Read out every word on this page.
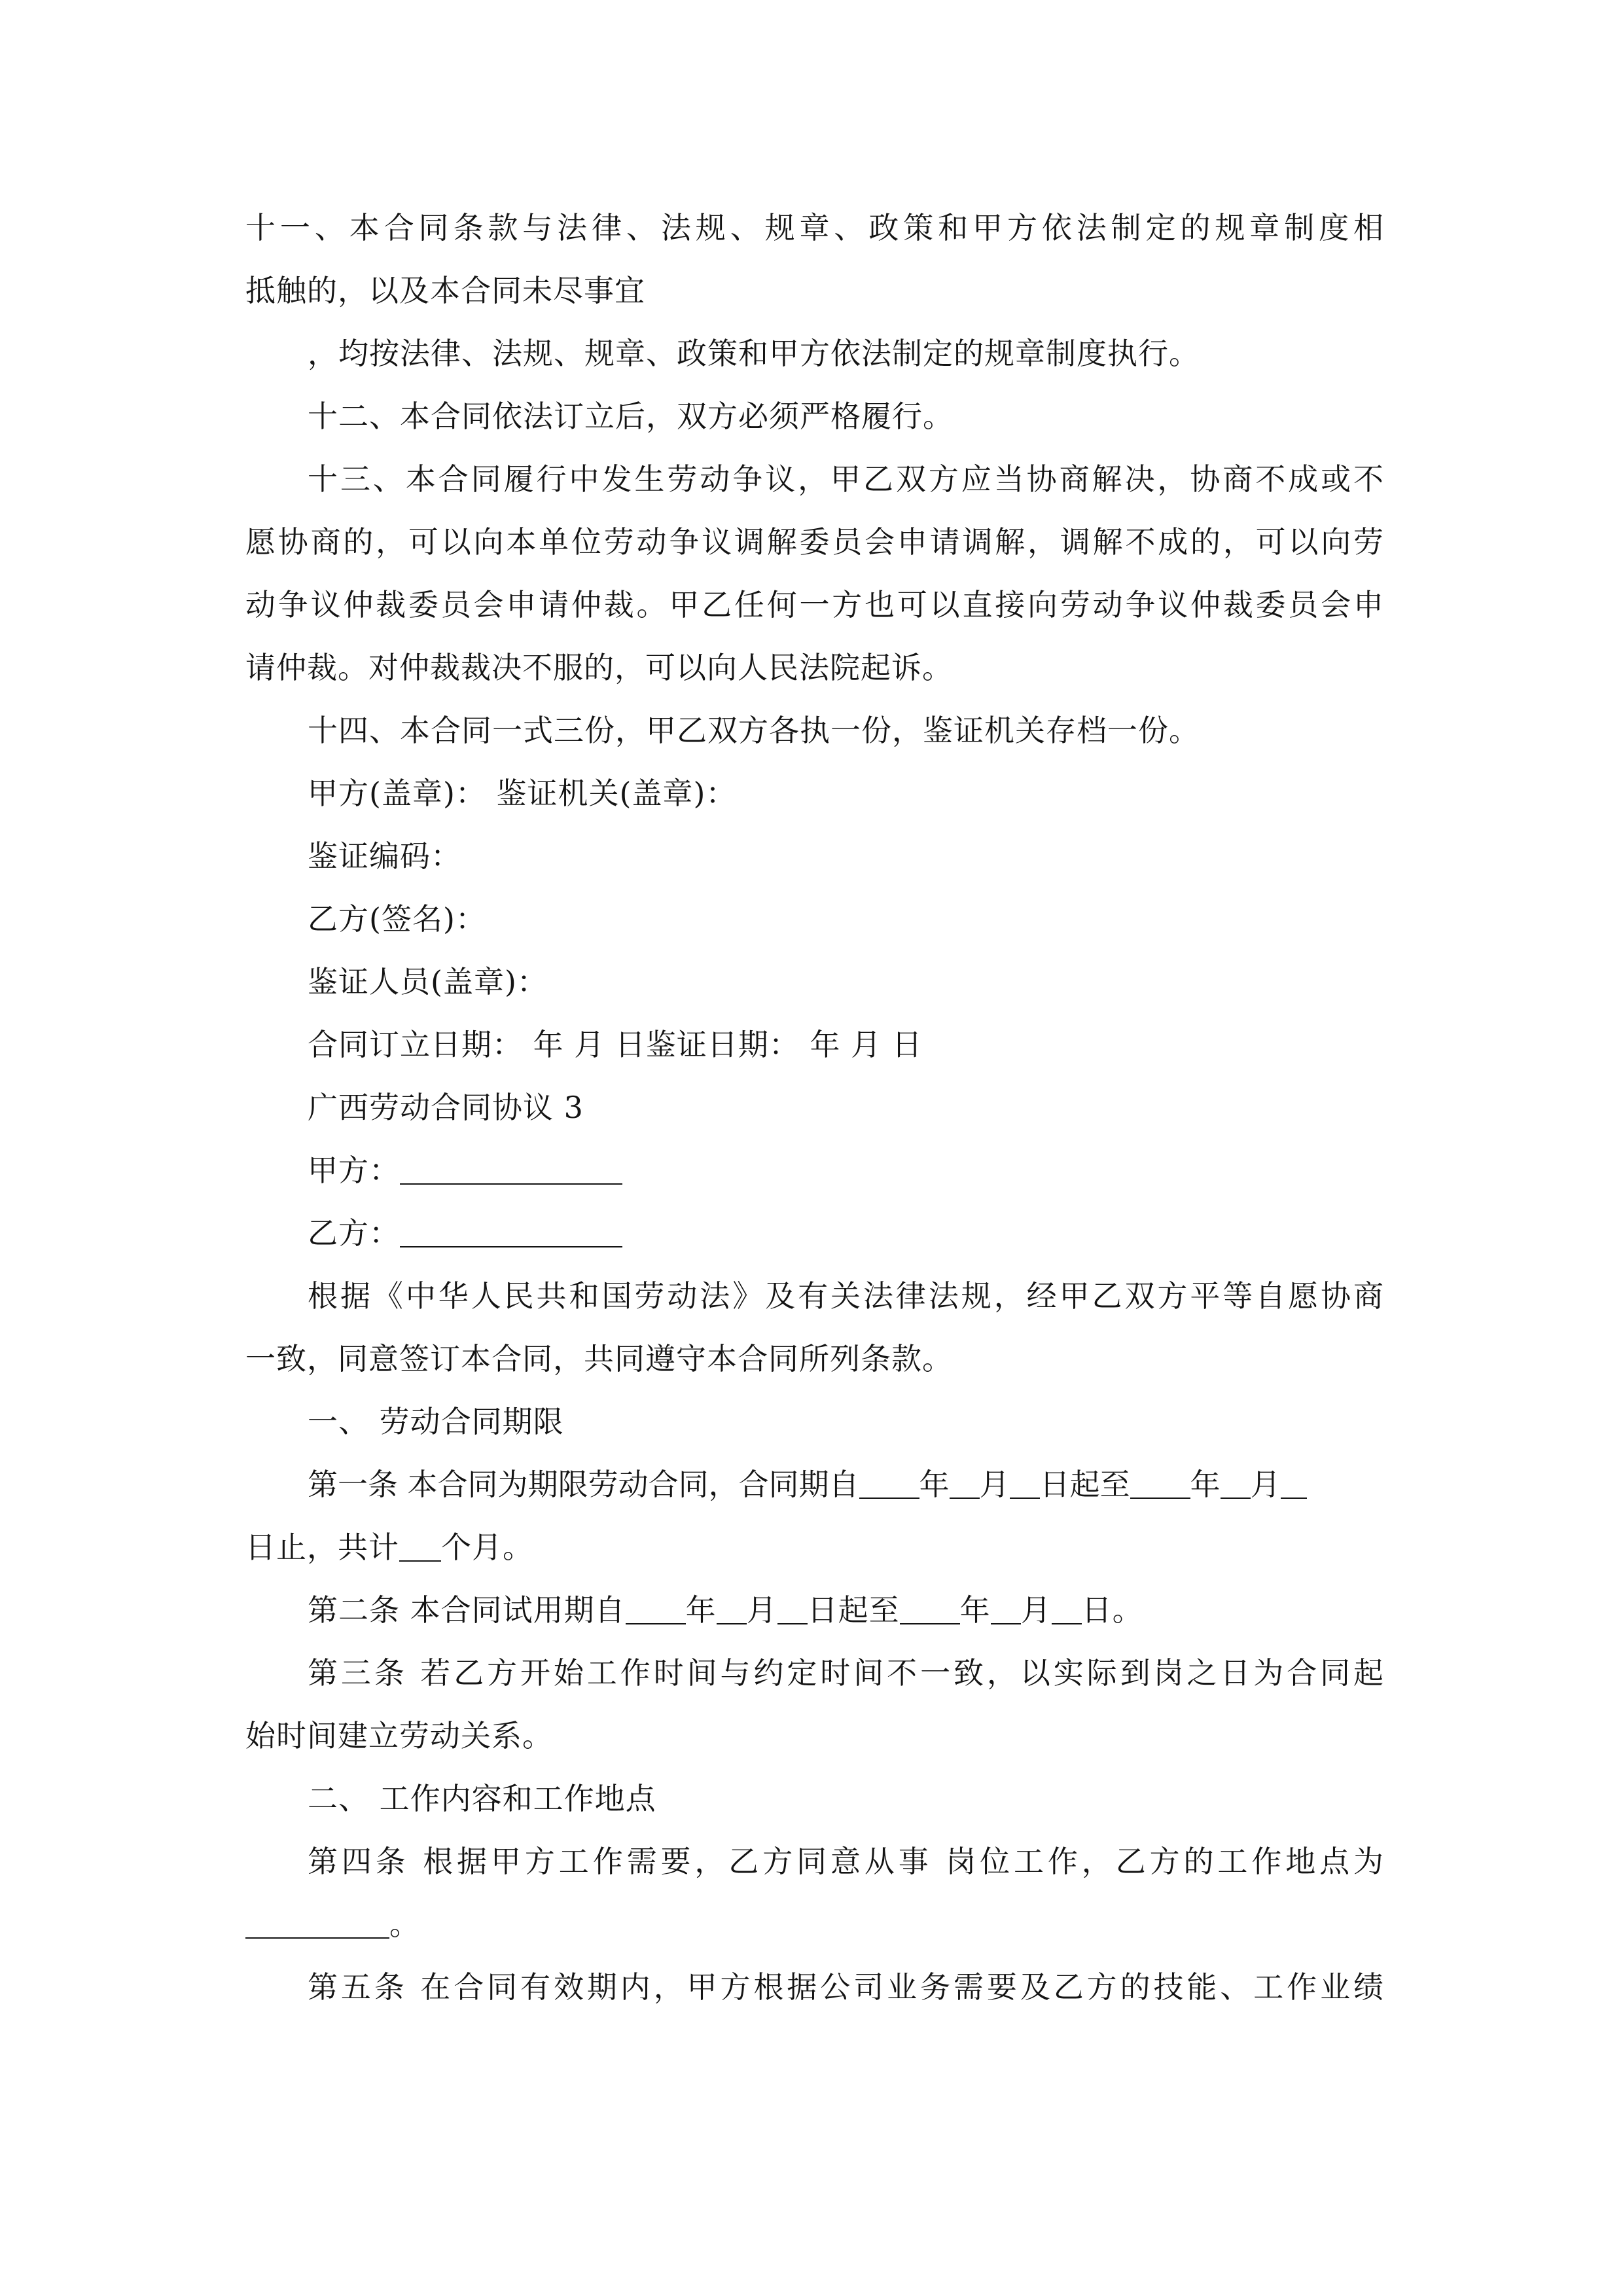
十一、本合同条款与法律、法规、规章、政策和甲方依法制定的规章制度相

抵触的，以及本合同未尽事宜

，均按法律、法规、规章、政策和甲方依法制定的规章制度执行。

十二、本合同依法订立后，双方必须严格履行。

十三、本合同履行中发生劳动争议，甲乙双方应当协商解决，协商不成或不

愿协商的，可以向本单位劳动争议调解委员会申请调解，调解不成的，可以向劳

动争议仲裁委员会申请仲裁。甲乙任何一方也可以直接向劳动争议仲裁委员会申

请仲裁。对仲裁裁决不服的，可以向人民法院起诉。

十四、本合同一式三份，甲乙双方各执一份，鉴证机关存档一份。

甲方(盖章)： 鉴证机关(盖章)：

鉴证编码：

乙方(签名)：

鉴证人员(盖章)：

合同订立日期： 年 月 日鉴证日期： 年 月 日

广西劳动合同协议 3

甲方：

乙方：

根据《中华人民共和国劳动法》及有关法律法规，经甲乙双方平等自愿协商

一致，同意签订本合同，共同遵守本合同所列条款。

一、 劳动合同期限

第一条 本合同为期限劳动合同，合同期自 年 月 日起至 年 月

日止，共计 个月。

第二条 本合同试用期自 年 月 日起至 年 月 日。

第三条 若乙方开始工作时间与约定时间不一致，以实际到岗之日为合同起

始时间建立劳动关系。

二、 工作内容和工作地点

第四条 根据甲方工作需要，乙方同意从事 岗位工作，乙方的工作地点为

。

第五条 在合同有效期内，甲方根据公司业务需要及乙方的技能、工作业绩
